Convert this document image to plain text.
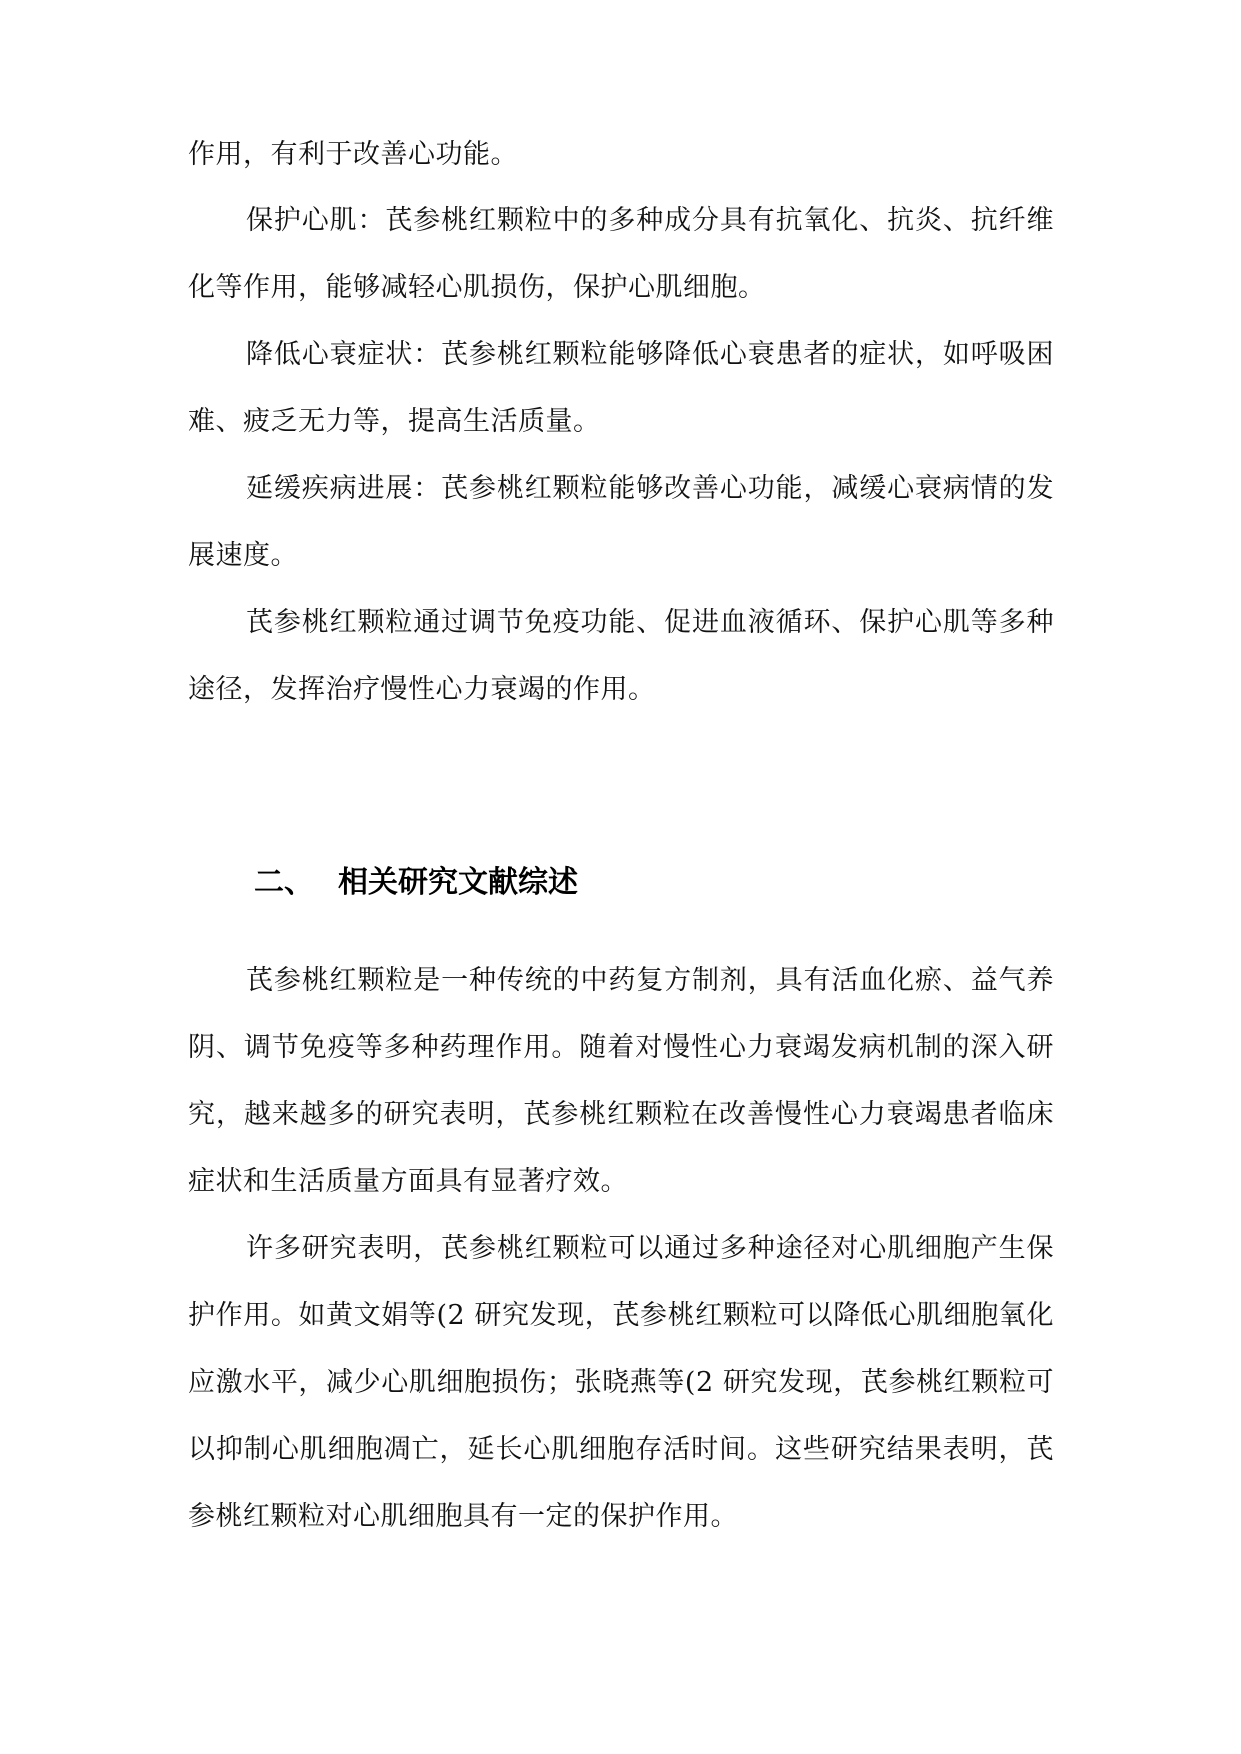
作用，有利于改善心功能。

保护心肌：芪参桃红颗粒中的多种成分具有抗氧化、抗炎、抗纤维化等作用，能够减轻心肌损伤，保护心肌细胞。

降低心衰症状：芪参桃红颗粒能够降低心衰患者的症状，如呼吸困难、疲乏无力等，提高生活质量。

延缓疾病进展：芪参桃红颗粒能够改善心功能，减缓心衰病情的发展速度。

芪参桃红颗粒通过调节免疫功能、促进血液循环、保护心肌等多种途径，发挥治疗慢性心力衰竭的作用。

二、 相关研究文献综述

芪参桃红颗粒是一种传统的中药复方制剂，具有活血化瘀、益气养阴、调节免疫等多种药理作用。随着对慢性心力衰竭发病机制的深入研究，越来越多的研究表明，芪参桃红颗粒在改善慢性心力衰竭患者临床症状和生活质量方面具有显著疗效。

许多研究表明，芪参桃红颗粒可以通过多种途径对心肌细胞产生保护作用。如黄文娟等(2 研究发现，芪参桃红颗粒可以降低心肌细胞氧化应激水平，减少心肌细胞损伤；张晓燕等(2 研究发现，芪参桃红颗粒可以抑制心肌细胞凋亡，延长心肌细胞存活时间。这些研究结果表明，芪参桃红颗粒对心肌细胞具有一定的保护作用。
